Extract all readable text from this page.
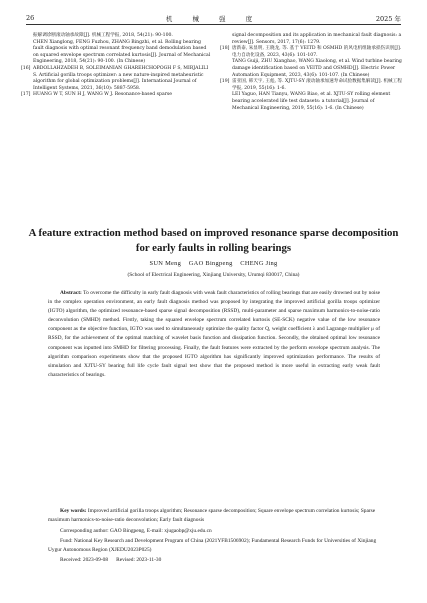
26	机 械 强 度	2025 年
振解调诊断滚动轴承故障[J]. 机械工程学报, 2018, 54(21): 90-100.
CHEN Xianglong, FENG Fuzhou, ZHANG Bingzhi, et al. Rolling bearing fault diagnosis with optimal resonant frequency band demodulation based on squared envelope spectrum correlated kurtosis[J]. Journal of Mechanical Engineering, 2018, 54(21): 90-100. (In Chinese)
[16] ABDOLLAHZADEH B, SOLEIMANIAN GHAREHCHOPOGH F S, MIRJALILI S. Artificial gorilla troops optimizer: a new nature-inspired metaheuristic algorithm for global optimization problems[J]. International Journal of Intelligent Systems, 2021, 36(10): 5887-5958.
[17] HUANG W T, SUN H J, WANG W J. Resonance-based sparse
signal decomposition and its application in mechanical fault diagnosis: a review[J]. Sensors, 2017, 17(6): 1279.
[18] 唐新泰, 朱显明, 王晓龙, 等. 基于 VEITD 和 OSMHD 的风电机组轴承损伤识别[J]. 电力自动化设备, 2023, 43(6): 101-107.
TANG Guiji, ZHU Xianghao, WANG Xiaolong, et al. Wind turbine bearing damage identification based on VEITD and OSMHD[J]. Electric Power Automation Equipment, 2023, 43(6): 101-107. (In Chinese)
[19] 雷亚国, 韩天宇, 王彪, 等. XJTU-SY 滚动轴承加速寿命试验数据集解读[J]. 机械工程学报, 2019, 55(16): 1-6.
LEI Yaguo, HAN Tianyu, WANG Biao, et al. XJTU-SY rolling element bearing accelerated life test datasets: a tutorial[J]. Journal of Mechanical Engineering, 2019, 55(16): 1-6. (In Chinese)
A feature extraction method based on improved resonance sparse decomposition
for early faults in rolling bearings
SUN Meng    GAO Bingpeng    CHENG Jing
(School of Electrical Engineering, Xinjiang University, Urumqi 830017, China)
Abstract: To overcome the difficulty in early fault diagnosis with weak fault characteristics of rolling bearings that are easily drowned out by noise in the complex operation environment, an early fault diagnosis method was proposed by integrating the improved artificial gorilla troops optimizer (IGTO) algorithm, the optimized resonance-based sparse signal decomposition (RSSD), multi-parameter and sparse maximum harmonics-to-noise-ratio deconvolution (SMHD) method. Firstly, taking the squared envelope spectrum correlated kurtosis (SE-SCK) negative value of the low resonance component as the objective function, IGTO was used to simultaneously optimize the quality factor Q, weight coefficient λ and Lagrange multiplier μ of RSSD, for the achievement of the optimal matching of wavelet basis function and dissipation function. Secondly, the obtained optimal low resonance component was inputted into SMHD for filtering processing. Finally, the fault features were extracted by the perform envelope spectrum analysis. The algorithm comparison experiments show that the proposed IGTO algorithm has significantly improved optimization performance. The results of simulation and XJTU-SY bearing full life cycle fault signal test show that the proposed method is more useful in extracting early weak fault characteristics of bearings.
Key words: Improved artificial gorilla troops algorithm; Resonance sparse decomposition; Square envelope spectrum correlation kurtosis; Sparse maximum harmonics-to-noise-ratio deconvolution; Early fault diagnosis
Corresponding author: GAO Bingpeng, E-mail: xjugaobp@xju.edu.cn
Fund: National Key Research and Development Program of China (2021YFB1506902); Fundamental Research Funds for Universities of Xinjiang Uygur Autonomous Region (XJEDU2023P025)
Received: 2023-09-08      Revised: 2023-11-30
